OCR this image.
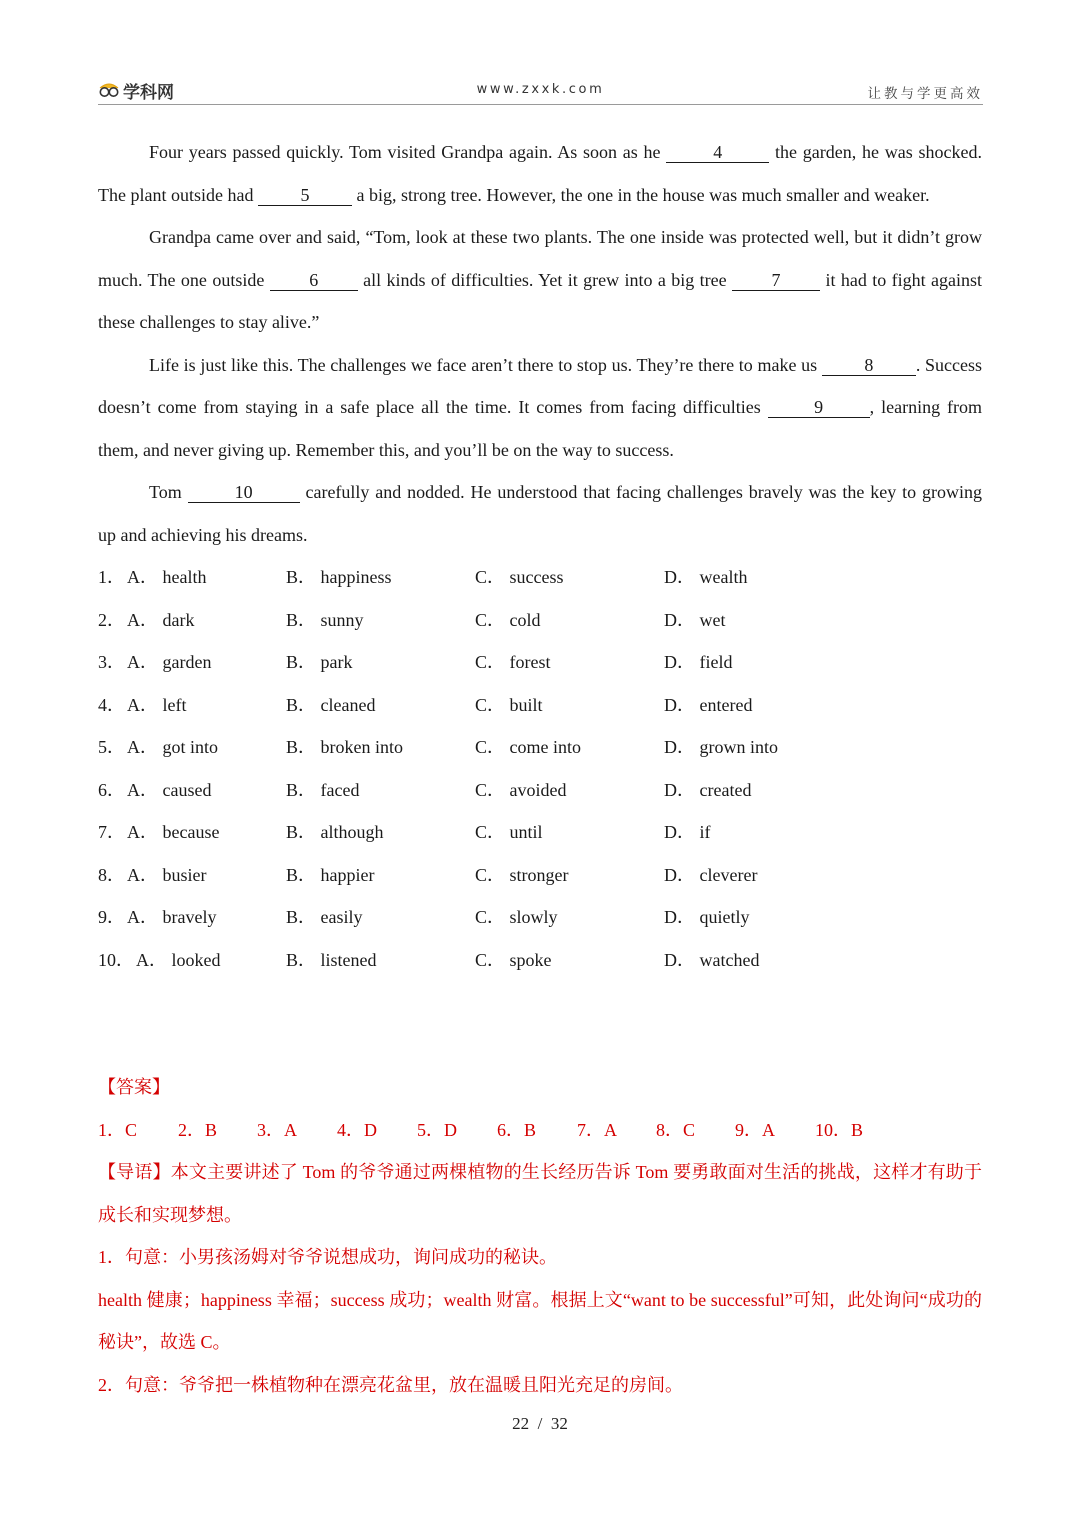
学科网	www.zxxk.com	让教与学更高效

Four years passed quickly. Tom visited Grandpa again. As soon as he	4	the garden, he was shocked. The plant outside had 5 a big, strong tree. However, the one in the house was much smaller and weaker.

Grandpa came over and said, “Tom, look at these two plants. The one inside was protected well, but it didn’t grow much. The one outside 6 all kinds of difficulties. Yet it grew into a big tree 7 it had to fight against these challenges to stay alive.”

Life is just like this. The challenges we face aren’t there to stop us. They’re there to make us 8 . Success doesn’t come from staying in a safe place all the time. It comes from facing difficulties	9	, learning from them, and never giving up. Remember this, and you’ll be on the way to success.

Tom	10	carefully and nodded. He understood that facing challenges bravely was the key to growing up and achieving his dreams.

1． A． health	B． happiness	C． success	D． wealth
2． A． dark	B． sunny	C． cold	D． wet
3． A． garden	B． park	C． forest	D． field
4． A． left	B． cleaned	C． built	D． entered
5． A． got into	B． broken into	C． come into	D． grown into
6． A． caused	B． faced	C． avoided	D． created
7． A． because	B． although	C． until	D． if
8． A． busier	B． happier	C． stronger	D． cleverer
9． A． bravely	B． easily	C． slowly	D． quietly
10． A． looked	B． listened	C． spoke	D． watched
【答案】
1．C 2．B 3．A 4．D 5．D 6．B 7．A 8．C 9．A 10．B

【导语】本文主要讲述了 Tom 的爷爷通过两棵植物的生长经历告诉 Tom 要勇敢面对生活的挑战，这样才有助于成长和实现梦想。

1．句意：小男孩汤姆对爷爷说想成功，询问成功的秘诀。

health 健康；happiness 幸福；success 成功；wealth 财富。根据上文“want to be successful”可知，此处询问“成功的秘诀”，故选 C。

2．句意：爷爷把一株植物种在漂亮花盆里，放在温暖且阳光充足的房间。

22  /  32
